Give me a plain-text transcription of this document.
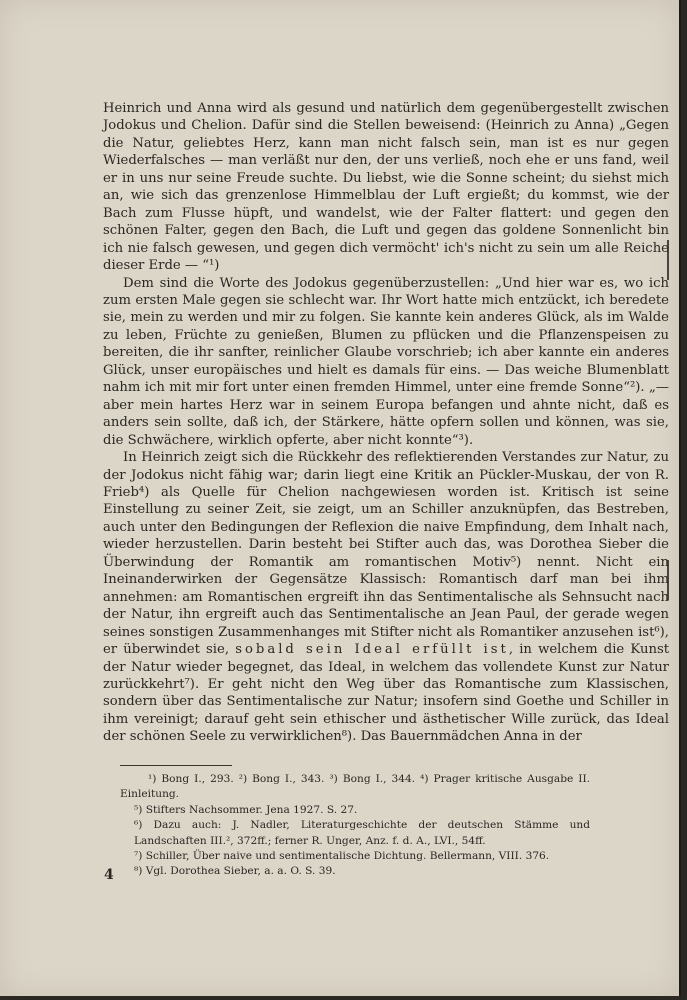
Heinrich und Anna wird als gesund und natürlich dem gegenübergestellt zwischen Jodokus und Chelion. Dafür sind die Stellen beweisend: (Heinrich zu Anna) „Gegen die Natur, geliebtes Herz, kann man nicht falsch sein, man ist es nur gegen Wiederfalsches — man verläßt nur den, der uns verließ, noch ehe er uns fand, weil er in uns nur seine Freude suchte. Du liebst, wie die Sonne scheint; du siehst mich an, wie sich das grenzenlose Himmelblau der Luft ergießt; du kommst, wie der Bach zum Flusse hüpft, und wandelst, wie der Falter flattert: und gegen den schönen Falter, gegen den Bach, die Luft und gegen das goldene Sonnenlicht bin ich nie falsch gewesen, und gegen dich vermöcht' ich's nicht zu sein um alle Reiche dieser Erde — “¹)

Dem sind die Worte des Jodokus gegenüberzustellen: „Und hier war es, wo ich zum ersten Male gegen sie schlecht war. Ihr Wort hatte mich entzückt, ich beredete sie, mein zu werden und mir zu folgen. Sie kannte kein anderes Glück, als im Walde zu leben, Früchte zu genießen, Blumen zu pflücken und die Pflanzenspeisen zu bereiten, die ihr sanfter, reinlicher Glaube vorschrieb; ich aber kannte ein anderes Glück, unser europäisches und hielt es damals für eins. — Das weiche Blumenblatt nahm ich mit mir fort unter einen fremden Himmel, unter eine fremde Sonne“²). „— aber mein hartes Herz war in seinem Europa befangen und ahnte nicht, daß es anders sein sollte, daß ich, der Stärkere, hätte opfern sollen und können, was sie, die Schwächere, wirklich opferte, aber nicht konnte“³).

In Heinrich zeigt sich die Rückkehr des reflektierenden Verstandes zur Natur, zu der Jodokus nicht fähig war; darin liegt eine Kritik an Pückler-Muskau, der von R. Frieb⁴) als Quelle für Chelion nachgewiesen worden ist. Kritisch ist seine Einstellung zu seiner Zeit, sie zeigt, um an Schiller anzuknüpfen, das Bestreben, auch unter den Bedingungen der Reflexion die naive Empfindung, dem Inhalt nach, wieder herzustellen. Darin besteht bei Stifter auch das, was Dorothea Sieber die Überwindung der Romantik am romantischen Motiv⁵) nennt. Nicht ein Ineinanderwirken der Gegensätze Klassisch: Romantisch darf man bei ihm annehmen: am Romantischen ergreift ihn das Sentimentalische als Sehnsucht nach der Natur, ihn ergreift auch das Sentimentalische an Jean Paul, der gerade wegen seines sonstigen Zusammenhanges mit Stifter nicht als Romantiker anzusehen ist⁶), er überwindet sie, sobald sein Ideal erfüllt ist, in welchem die Kunst der Natur wieder begegnet, das Ideal, in welchem das vollendete Kunst zur Natur zurückkehrt⁷). Er geht nicht den Weg über das Romantische zum Klassischen, sondern über das Sentimentalische zur Natur; insofern sind Goethe und Schiller in ihm vereinigt; darauf geht sein ethischer und ästhetischer Wille zurück, das Ideal der schönen Seele zu verwirklichen⁸). Das Bauernmädchen Anna in der

¹) Bong I., 293. ²) Bong I., 343. ³) Bong I., 344. ⁴) Prager kritische Ausgabe II. Einleitung.

⁵) Stifters Nachsommer. Jena 1927. S. 27.

⁶) Dazu auch: J. Nadler, Literaturgeschichte der deutschen Stämme und Landschaften III.², 372ff.; ferner R. Unger, Anz. f. d. A., LVI., 54ff.

⁷) Schiller, Über naive und sentimentalische Dichtung. Bellermann, VIII. 376.

⁸) Vgl. Dorothea Sieber, a. a. O. S. 39.

4
